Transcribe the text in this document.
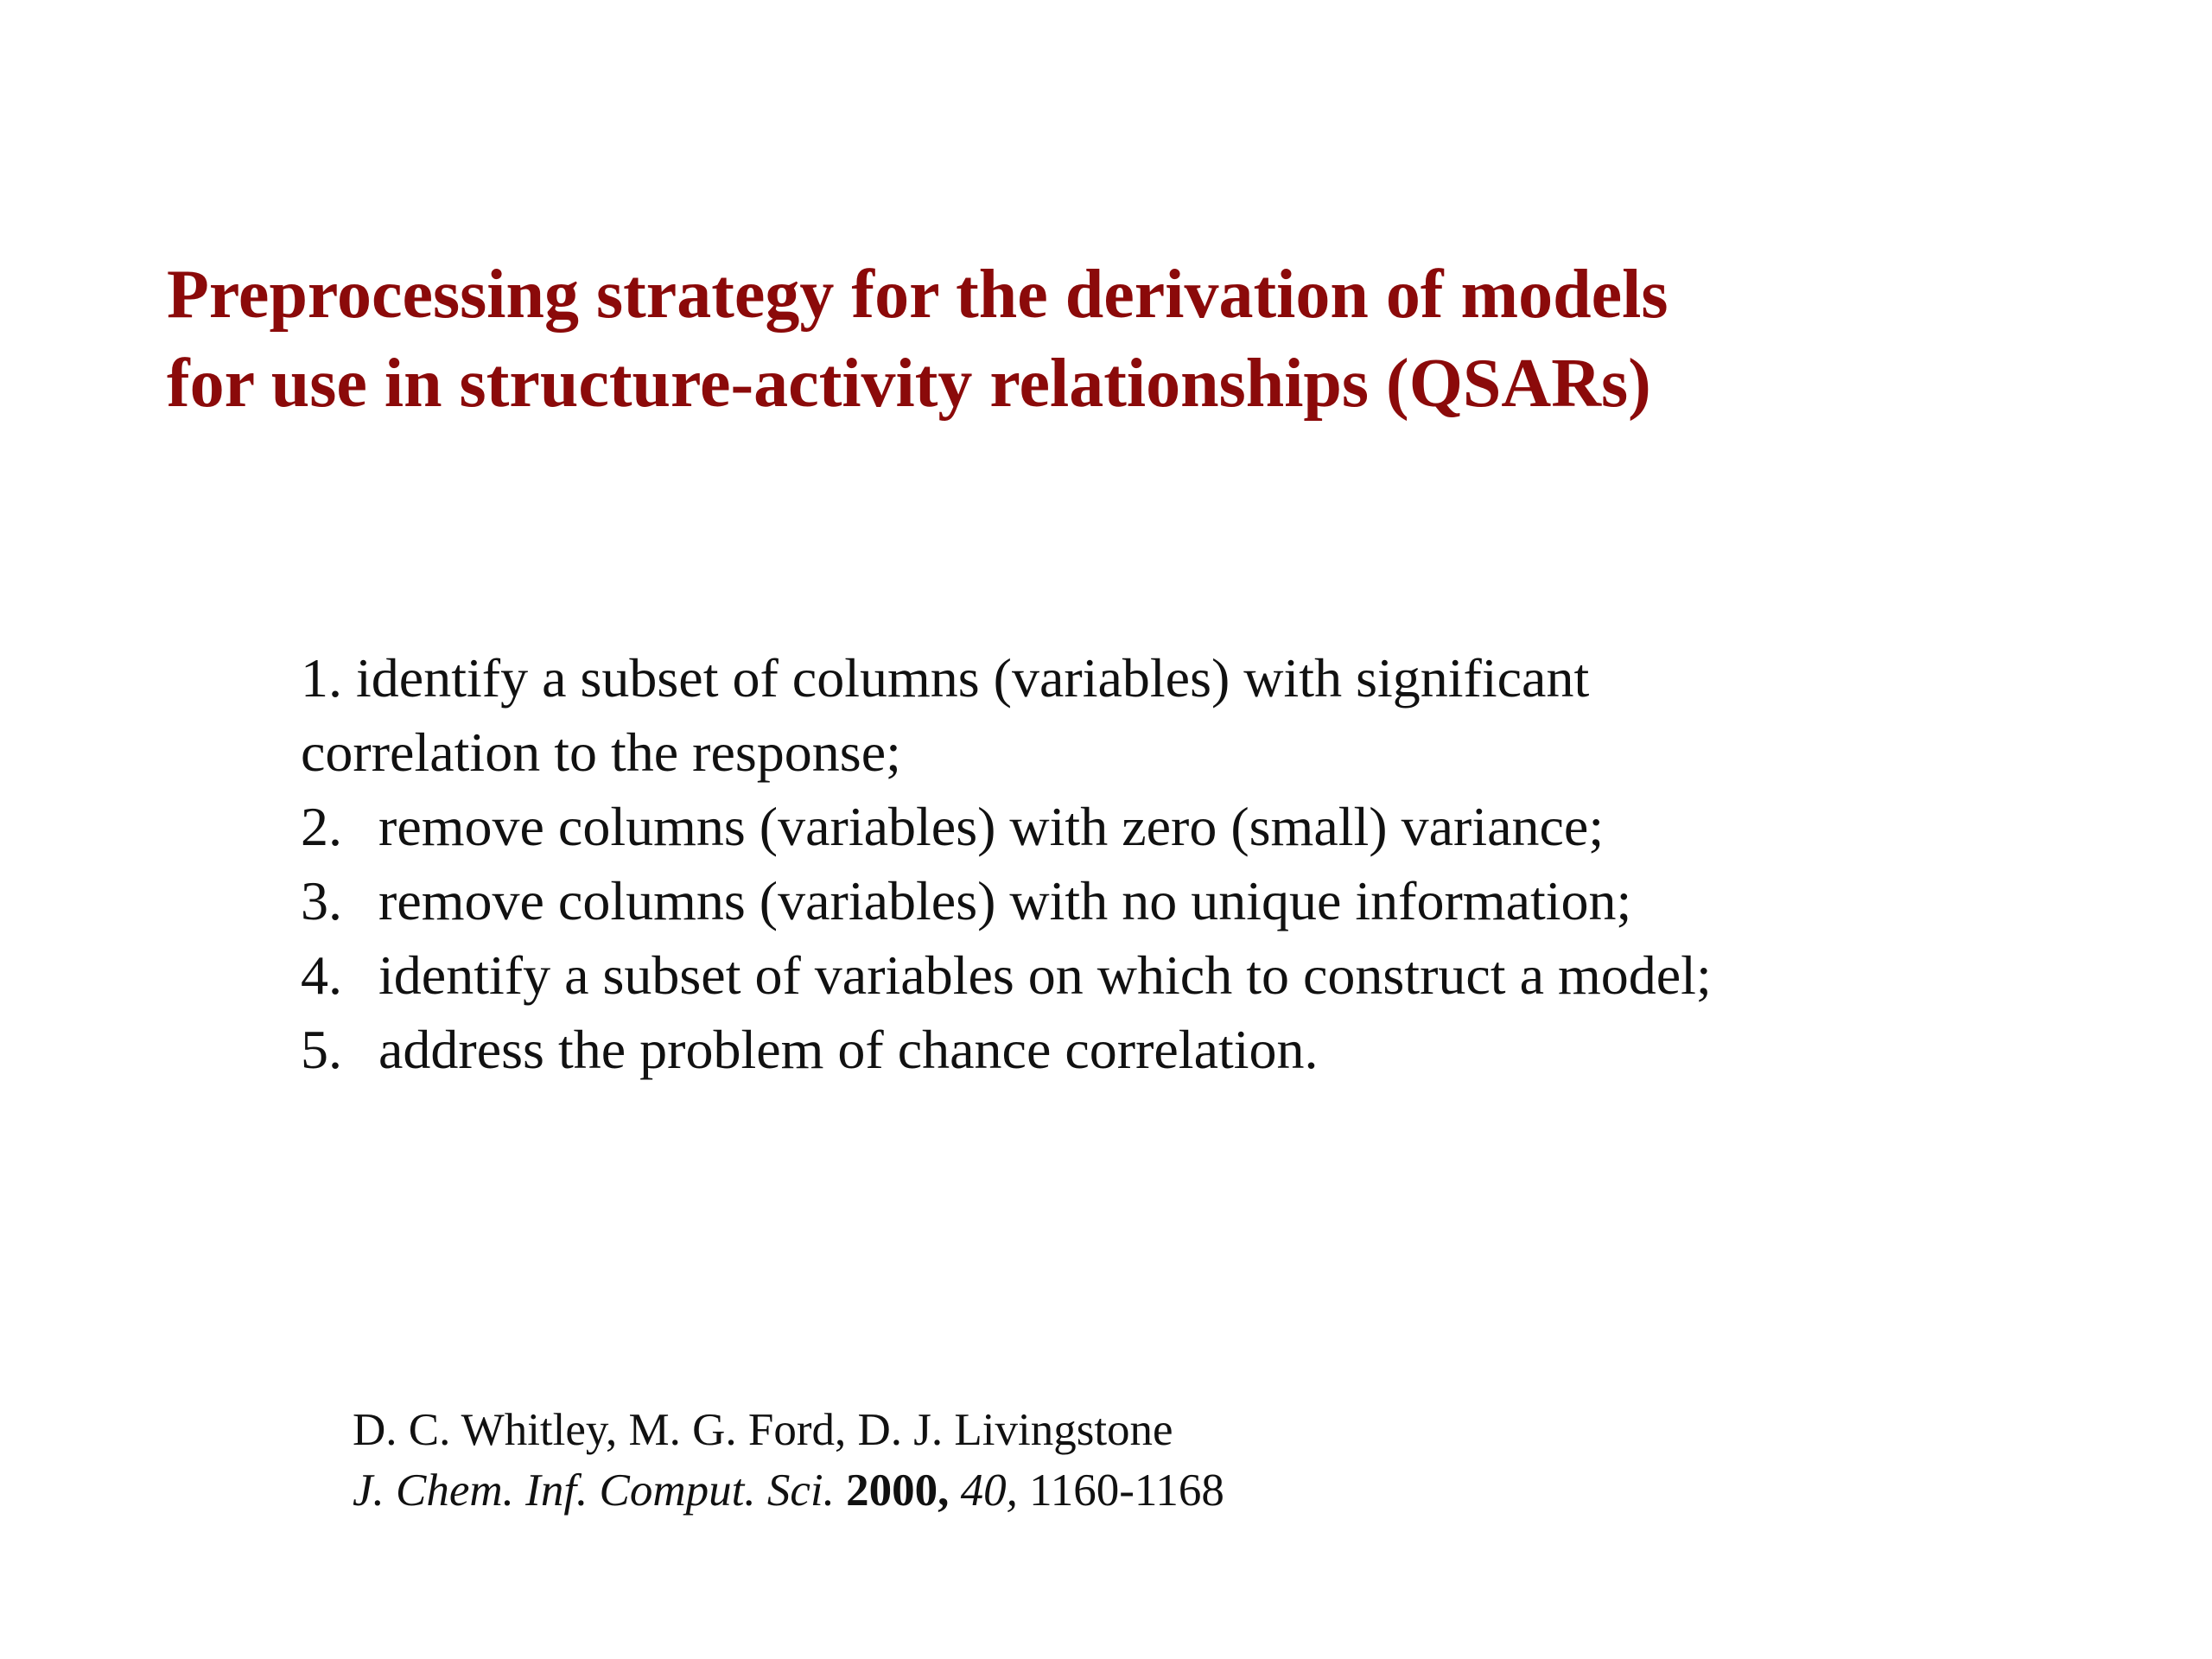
Preprocessing strategy for the derivation of models
for use in structure-activity relationships (QSARs)
1. identify a subset of columns (variables) with significant
correlation to the response;
2. remove columns (variables) with zero (small) variance;
3. remove columns (variables) with no unique information;
4. identify a subset of variables on which to construct a model;
5. address the problem of chance correlation.
D. C. Whitley, M. G. Ford, D. J. Livingstone
J. Chem. Inf. Comput. Sci. 2000, 40, 1160-1168
